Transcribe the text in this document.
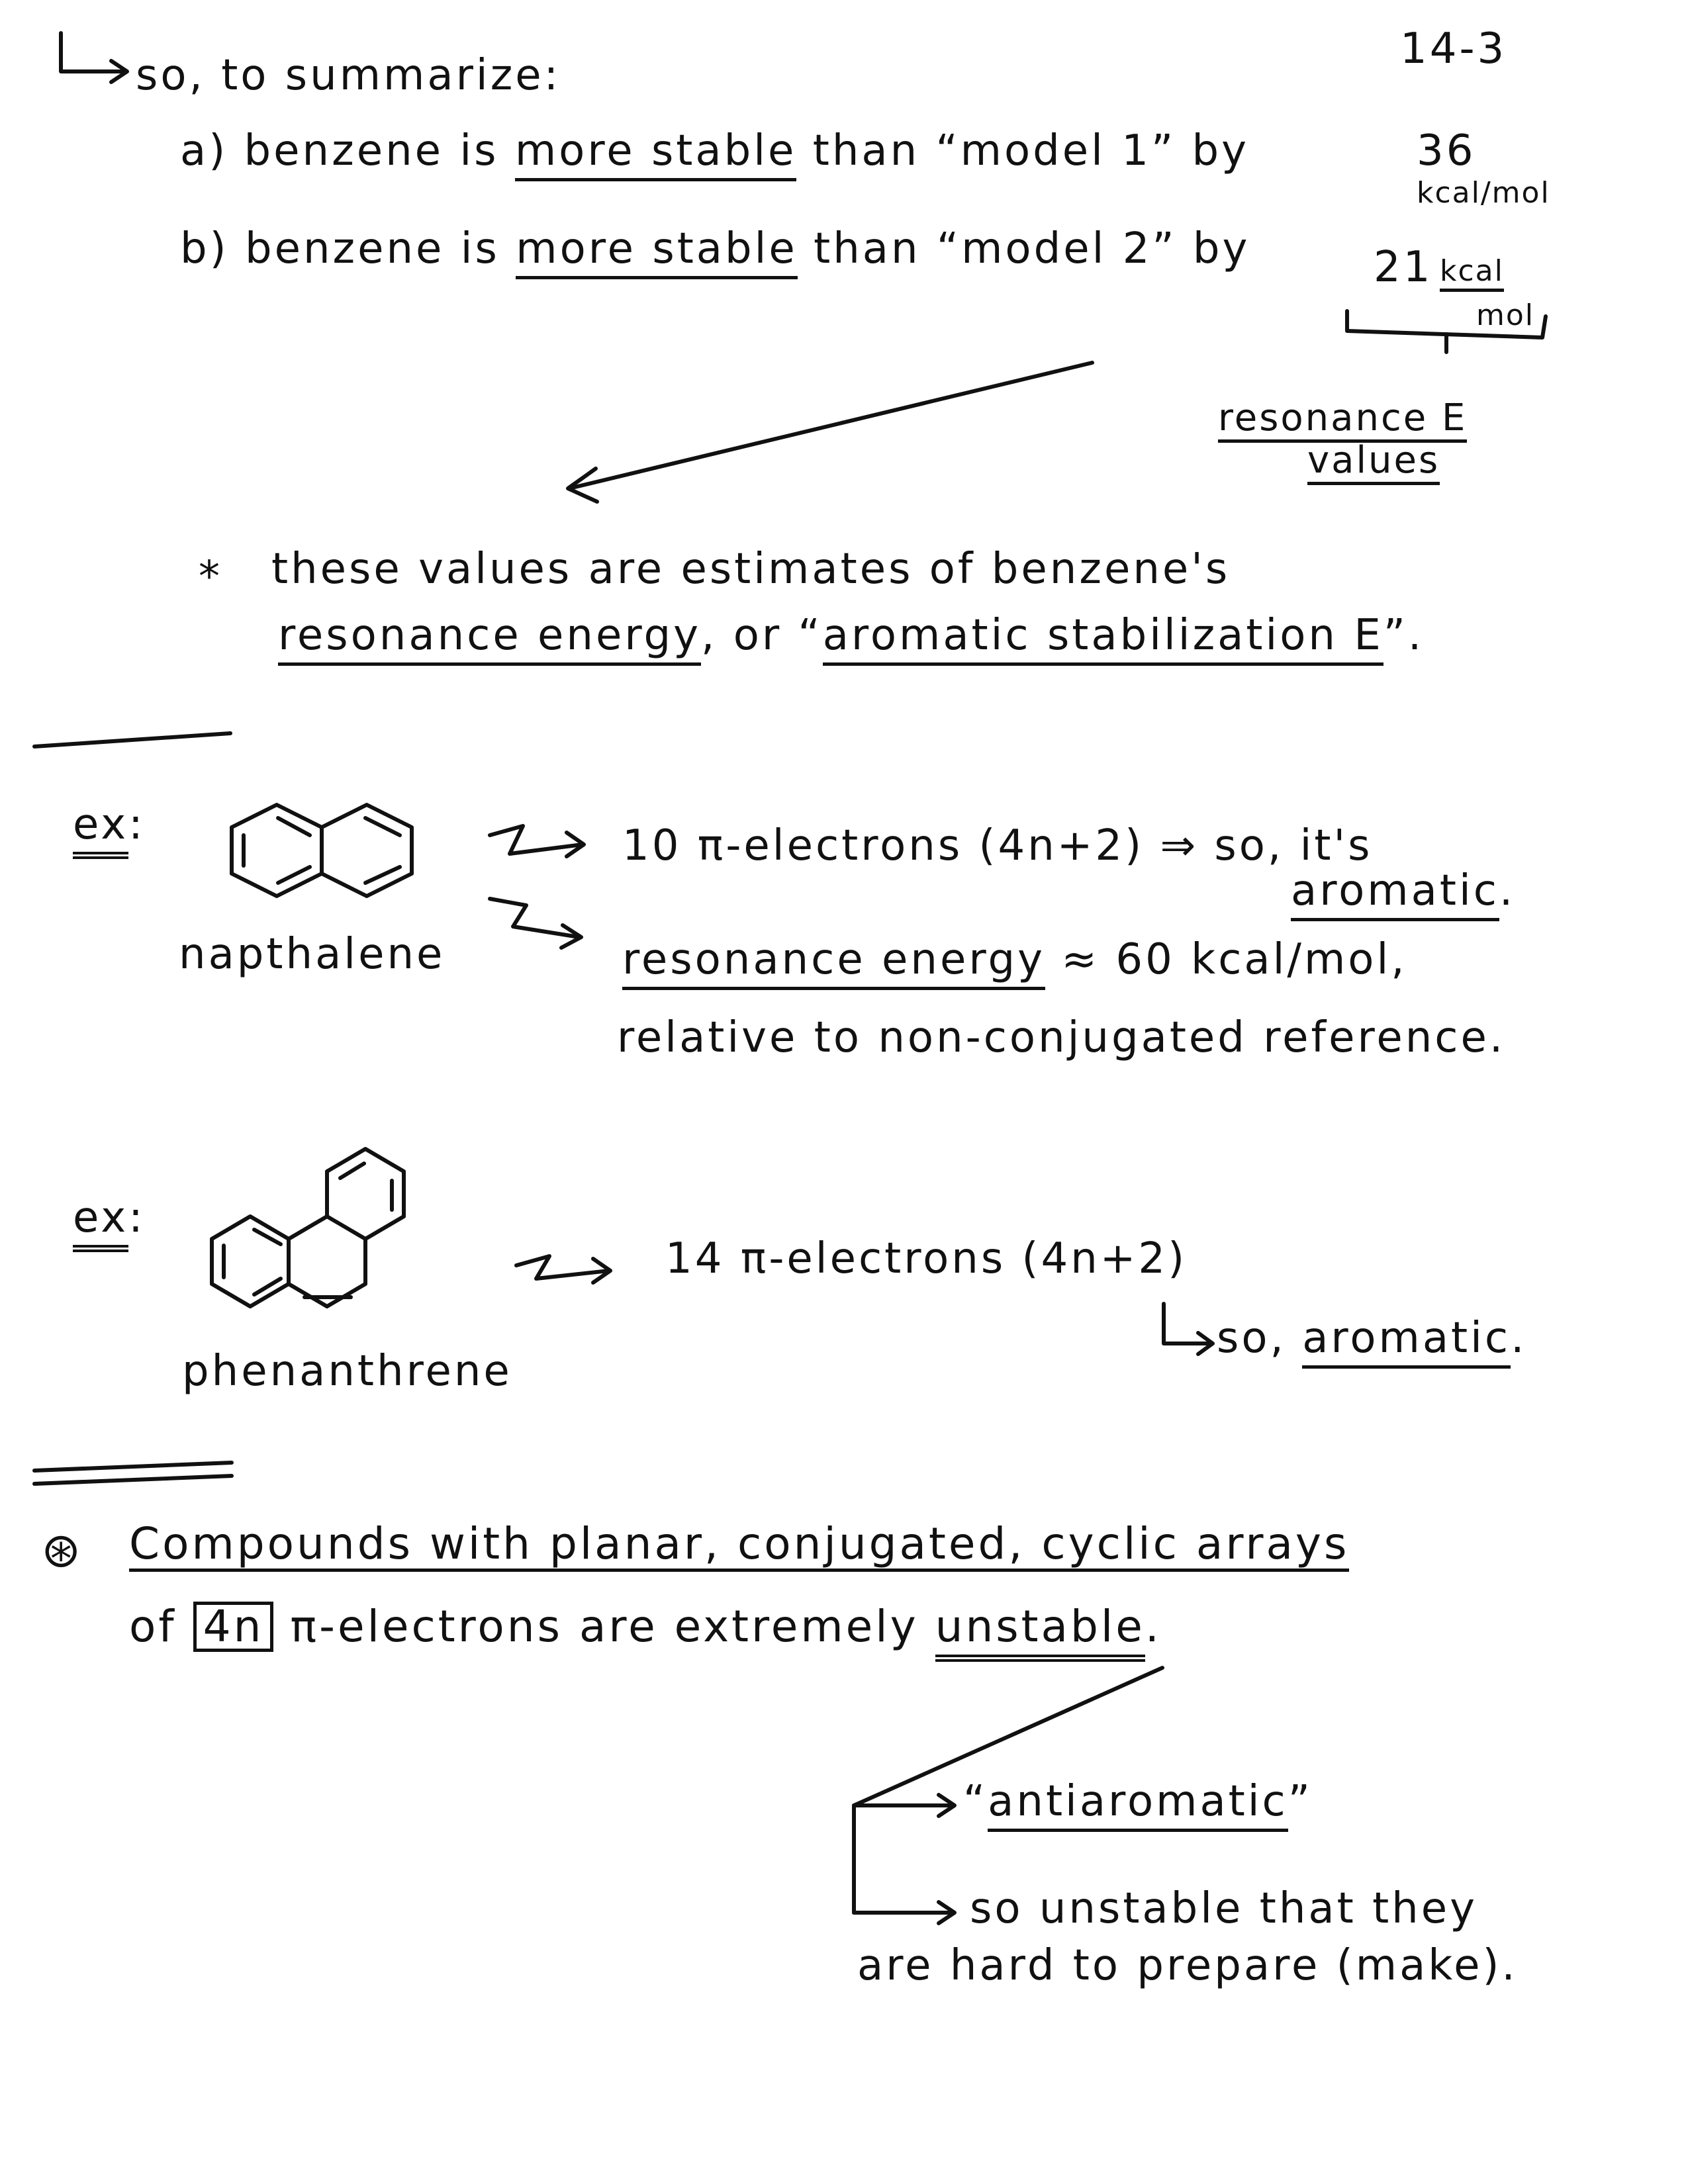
14-3
so, to summarize:
a) benzene is more stable than “model 1” by	36
kcal/mol
b) benzene is more stable than “model 2” by	21 kcal
mol
resonance E
values
* these values are estimates of benzene's
resonance energy, or “aromatic stabilization E”.
ex:
napthalene
10 π-electrons (4n+2) ⇒ so, it's
aromatic.
resonance energy ≈ 60 kcal/mol,
relative to non-conjugated reference.
ex:
phenanthrene
14 π-electrons (4n+2)
so, aromatic.
⊛ Compounds with planar, conjugated, cyclic arrays
of 4n π-electrons are extremely unstable.
“antiaromatic”
so unstable that they
are hard to prepare (make).
